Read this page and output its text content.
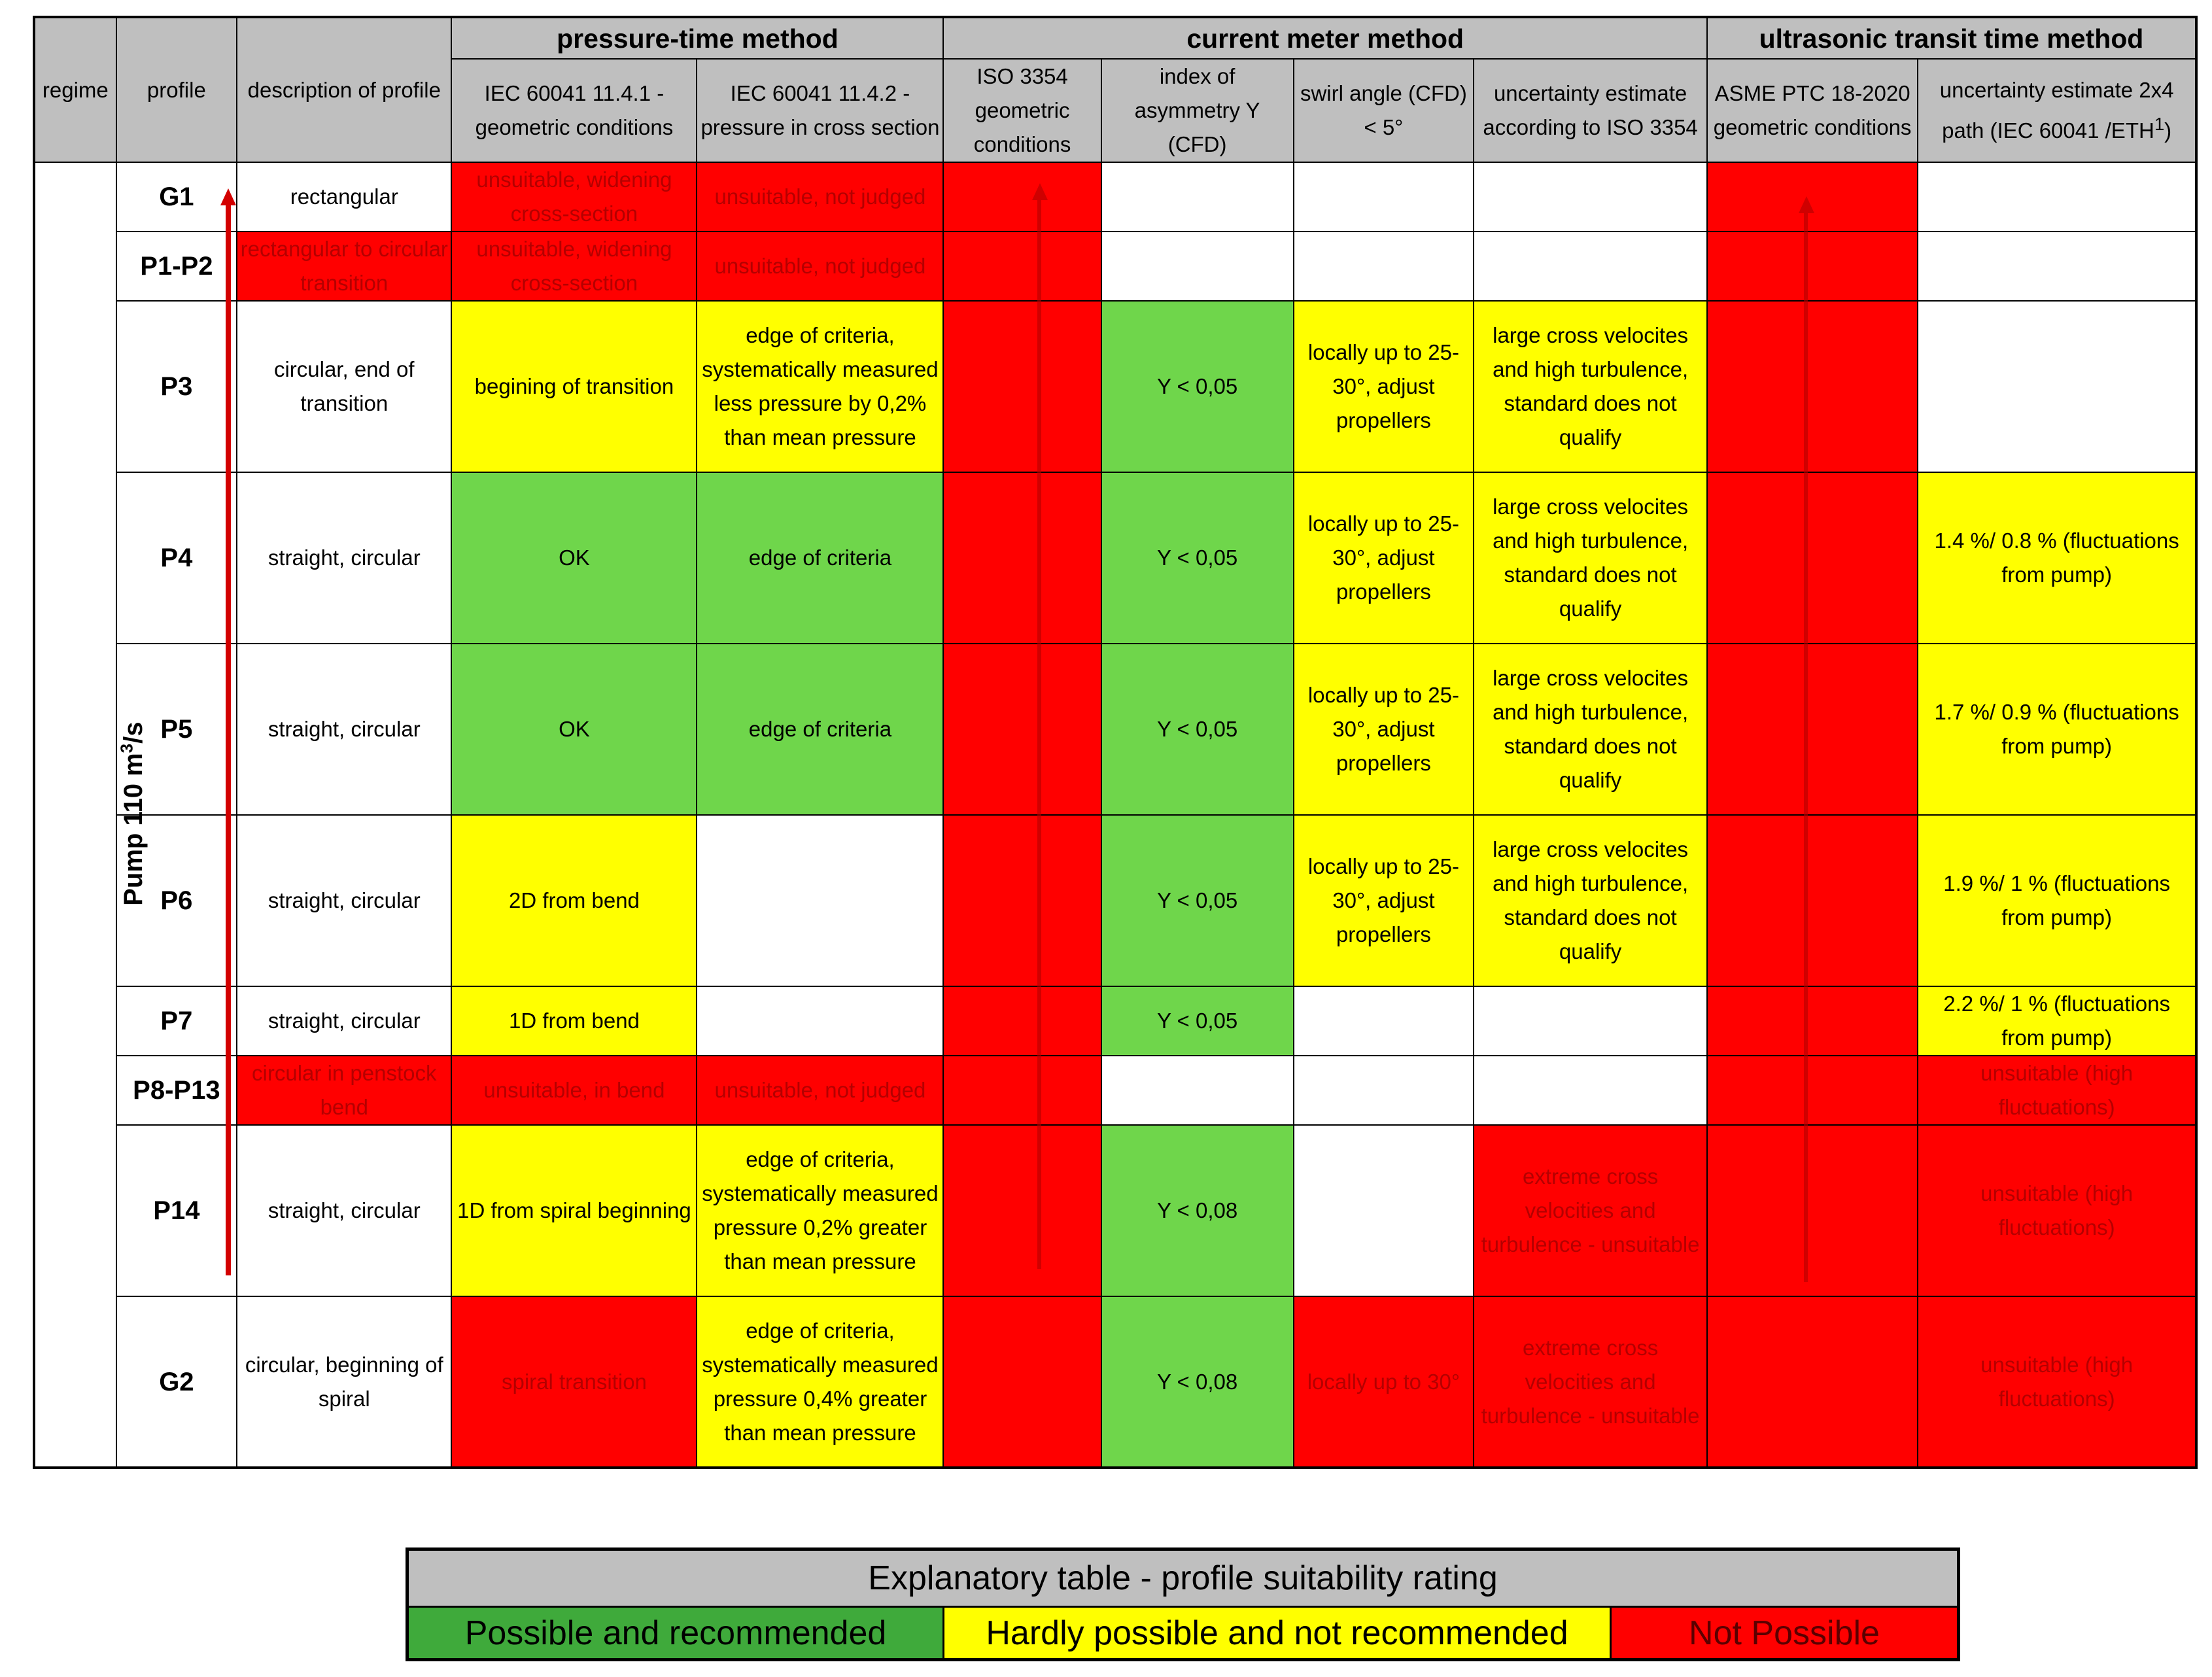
regime	profile	description of profile	pressure-time method		current meter method				ultrasonic transit time method	
			IEC 60041 11.4.1 - geometric conditions	IEC 60041 11.4.2 - pressure in cross section	ISO 3354 geometric conditions	index of asymmetry Y (CFD)	swirl angle (CFD) < 5°	uncertainty estimate according to ISO 3354	ASME PTC 18-2020 geometric conditions	uncertainty estimate 2x4 path (IEC 60041 /ETH$^1$)
Pump 110 $m^3/s$	G1	rectangular	unsuitable, widening cross-section	unsuitable, not judged						
	P1-P2	rectangular to circular transition	unsuitable, widening cross-section	unsuitable, not judged						
	P3	circular, end of transition	begining of transition	edge of criteria, systematically measured less pressure by 0,2% than mean pressure		Y < 0,05	locally up to 25-30°, adjust propellers	large cross velocites and high turbulence, standard does not qualify		
	P4	straight, circular	OK	edge of criteria		Y < 0,05	locally up to 25-30°, adjust propellers	large cross velocites and high turbulence, standard does not qualify		1.4 %/ 0.8 % (fluctuations from pump)
	P5	straight, circular	OK	edge of criteria		Y < 0,05	locally up to 25-30°, adjust propellers	large cross velocites and high turbulence, standard does not qualify		1.7 %/ 0.9 % (fluctuations from pump)
	P6	straight, circular	2D from bend			Y < 0,05	locally up to 25-30°, adjust propellers	large cross velocites and high turbulence, standard does not qualify		1.9 %/ 1 % (fluctuations from pump)
	P7	straight, circular	1D from bend			Y < 0,05				2.2 %/ 1 % (fluctuations from pump)
	P8-P13	circular in penstock bend	unsuitable, in bend	unsuitable, not judged						unsuitable (high fluctuations)
	P14	straight, circular	1D from spiral beginning	edge of criteria, systematically measured pressure 0,2% greater than mean pressure		Y < 0,08		extreme cross velocities and turbulence - unsuitable		unsuitable (high fluctuations)
	G2	circular, beginning of spiral	spiral transition	edge of criteria, systematically measured pressure 0,4% greater than mean pressure		Y < 0,08	locally up to 30°	extreme cross velocities and turbulence - unsuitable		unsuitable (high fluctuations)
Explanatory table - profile suitability rating
Possible and recommended	Hardly possible and not recommended	Not Possible
